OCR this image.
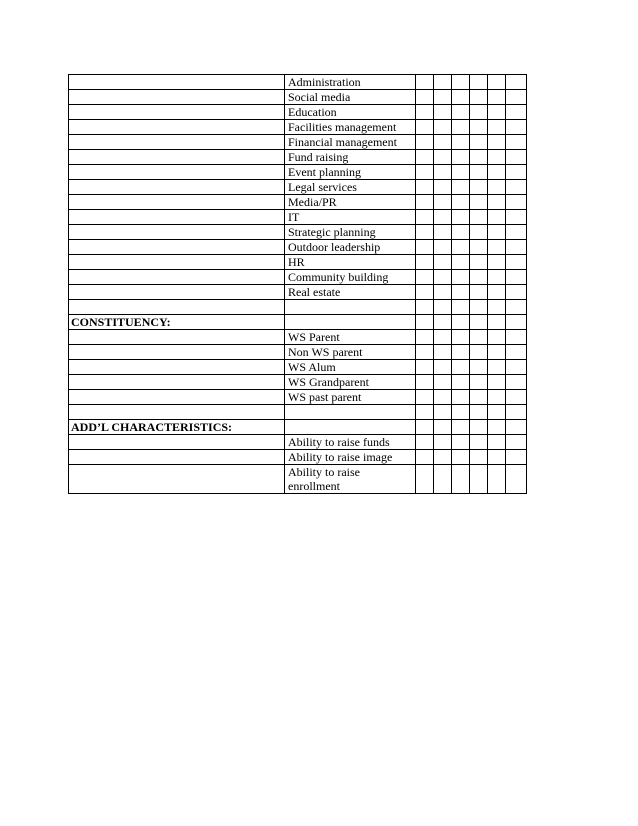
	Administration						
	Social media						
	Education						
	Facilities management						
	Financial management						
	Fund raising						
	Event planning						
	Legal services						
	Media/PR						
	IT						
	Strategic planning						
	Outdoor leadership						
	HR						
	Community building						
	Real estate						

CONSTITUENCY:							
	WS Parent						
	Non WS parent						
	WS Alum						
	WS Grandparent						
	WS past parent						

ADD’L CHARACTERISTICS:							
	Ability to raise funds						
	Ability to raise image						
	Ability to raise enrollment						
